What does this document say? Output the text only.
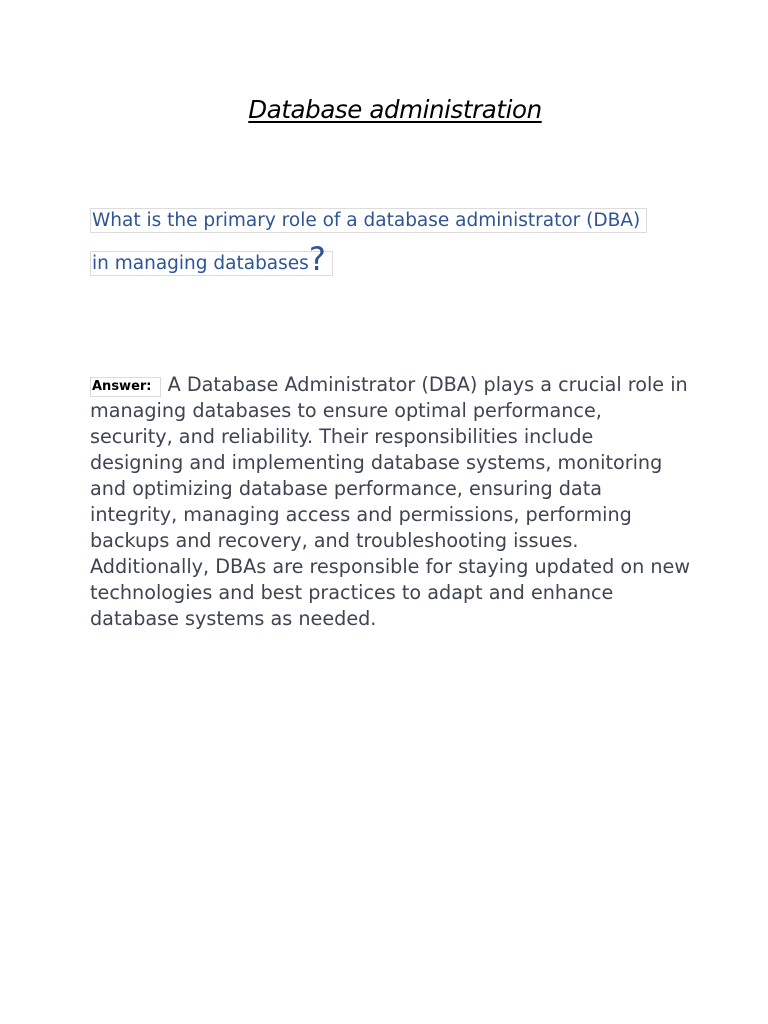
Database administration
What is the primary role of a database administrator (DBA) in managing databases?
Answer: A Database Administrator (DBA) plays a crucial role in managing databases to ensure optimal performance, security, and reliability. Their responsibilities include designing and implementing database systems, monitoring and optimizing database performance, ensuring data integrity, managing access and permissions, performing backups and recovery, and troubleshooting issues. Additionally, DBAs are responsible for staying updated on new technologies and best practices to adapt and enhance database systems as needed.
